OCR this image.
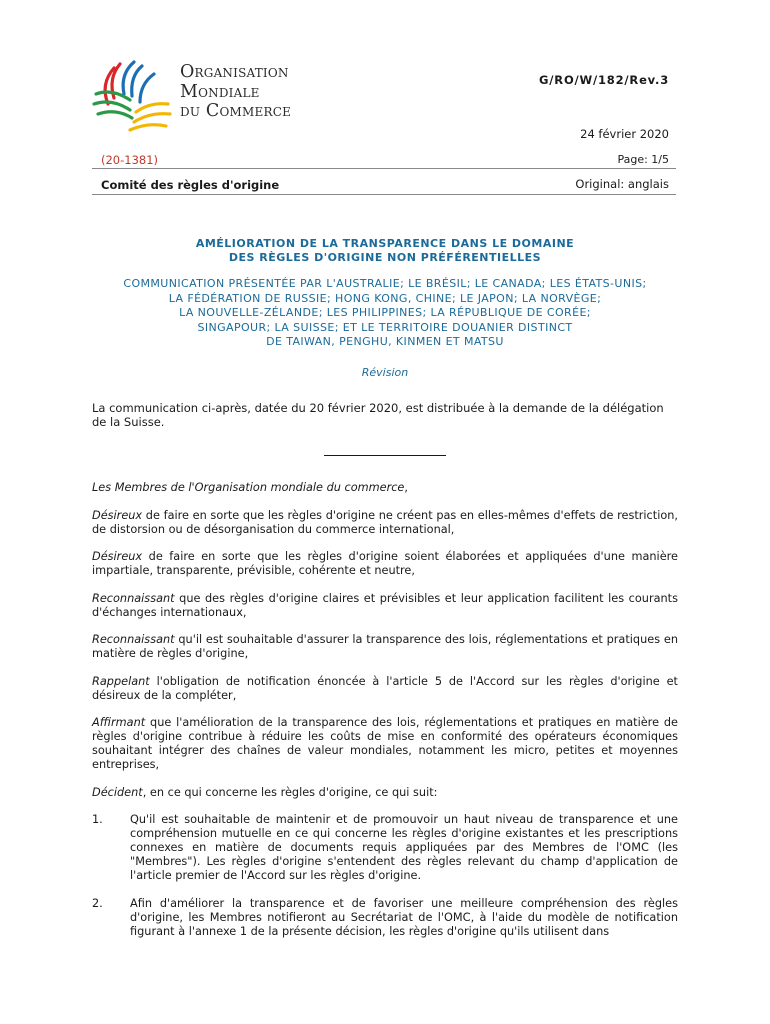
Organisation
Mondiale
du Commerce
G/RO/W/182/Rev.3
24 février 2020
(20-1381)	Page: 1/5
Comité des règles d'origine	Original: anglais
AMÉLIORATION DE LA TRANSPARENCE DANS LE DOMAINE
DES RÈGLES D'ORIGINE NON PRÉFÉRENTIELLES
COMMUNICATION PRÉSENTÉE PAR L'AUSTRALIE; LE BRÉSIL; LE CANADA; LES ÉTATS-UNIS;
LA FÉDÉRATION DE RUSSIE; HONG KONG, CHINE; LE JAPON; LA NORVÈGE;
LA NOUVELLE-ZÉLANDE; LES PHILIPPINES; LA RÉPUBLIQUE DE CORÉE;
SINGAPOUR; LA SUISSE; ET LE TERRITOIRE DOUANIER DISTINCT
DE TAIWAN, PENGHU, KINMEN ET MATSU
Révision
La communication ci-après, datée du 20 février 2020, est distribuée à la demande de la délégation de la Suisse.

Les Membres de l'Organisation mondiale du commerce,

Désireux de faire en sorte que les règles d'origine ne créent pas en elles-mêmes d'effets de restriction, de distorsion ou de désorganisation du commerce international,

Désireux de faire en sorte que les règles d'origine soient élaborées et appliquées d'une manière impartiale, transparente, prévisible, cohérente et neutre,

Reconnaissant que des règles d'origine claires et prévisibles et leur application facilitent les courants d'échanges internationaux,

Reconnaissant qu'il est souhaitable d'assurer la transparence des lois, réglementations et pratiques en matière de règles d'origine,

Rappelant l'obligation de notification énoncée à l'article 5 de l'Accord sur les règles d'origine et désireux de la compléter,

Affirmant que l'amélioration de la transparence des lois, réglementations et pratiques en matière de règles d'origine contribue à réduire les coûts de mise en conformité des opérateurs économiques souhaitant intégrer des chaînes de valeur mondiales, notamment les micro, petites et moyennes entreprises,

Décident, en ce qui concerne les règles d'origine, ce qui suit:

1.	Qu'il est souhaitable de maintenir et de promouvoir un haut niveau de transparence et une compréhension mutuelle en ce qui concerne les règles d'origine existantes et les prescriptions connexes en matière de documents requis appliquées par des Membres de l'OMC (les "Membres"). Les règles d'origine s'entendent des règles relevant du champ d'application de l'article premier de l'Accord sur les règles d'origine.
2.	Afin d'améliorer la transparence et de favoriser une meilleure compréhension des règles d'origine, les Membres notifieront au Secrétariat de l'OMC, à l'aide du modèle de notification figurant à l'annexe 1 de la présente décision, les règles d'origine qu'ils utilisent dans
